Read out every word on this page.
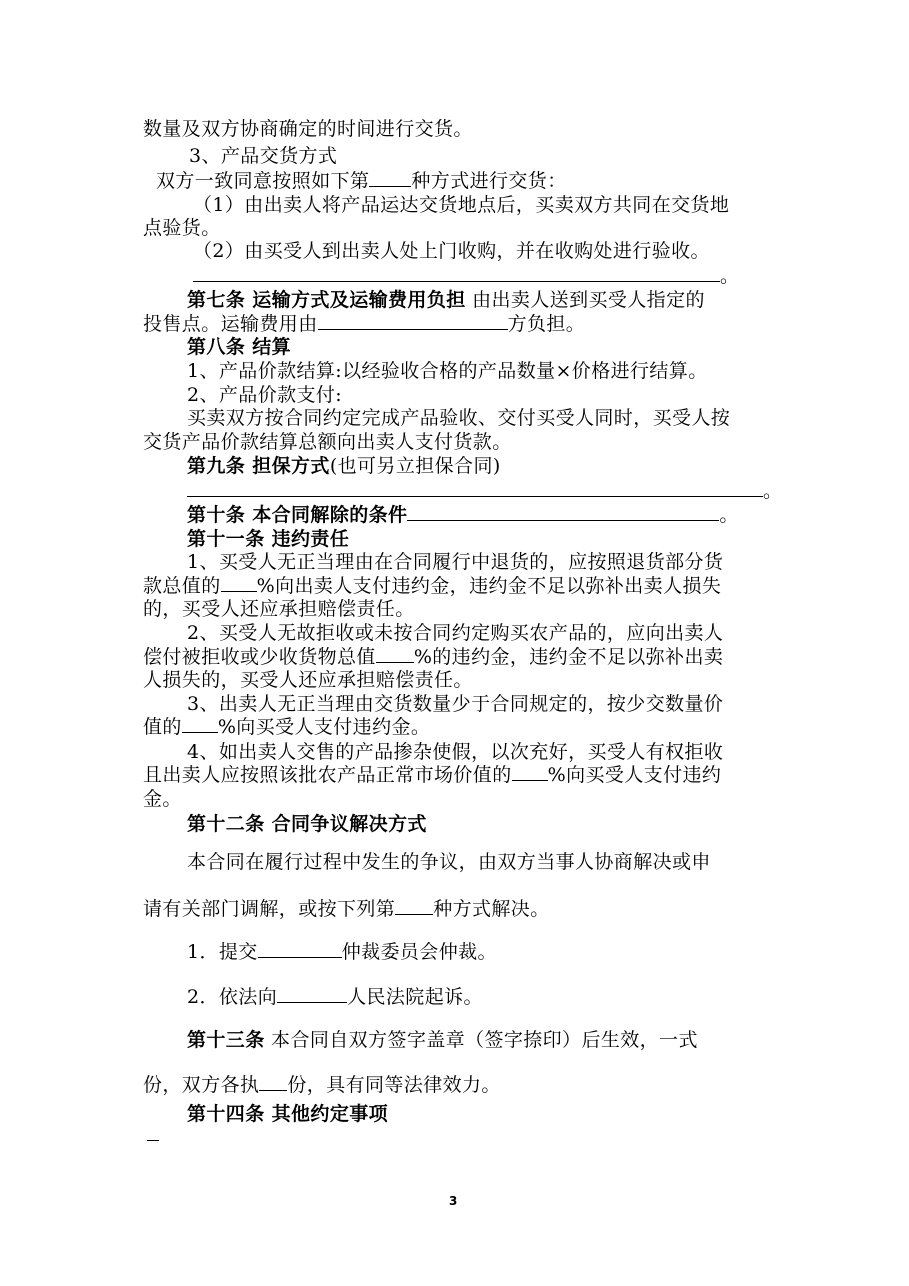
数量及双方协商确定的时间进行交货。
3、产品交货方式
双方一致同意按照如下第 种方式进行交货：
（1）由出卖人将产品运达交货地点后，买卖双方共同在交货地
点验货。
（2）由买受人到出卖人处上门收购，并在收购处进行验收。
。
第七条 运输方式及运输费用负担 由出卖人送到买受人指定的
投售点。运输费用由	方负担。
第八条 结算
1、产品价款结算:以经验收合格的产品数量×价格进行结算。
2、产品价款支付:
买卖双方按合同约定完成产品验收、交付买受人同时，买受人按
交货产品价款结算总额向出卖人支付货款。
第九条 担保方式(也可另立担保合同)
。
第十条 本合同解除的条件	。
第十一条 违约责任
1、买受人无正当理由在合同履行中退货的，应按照退货部分货
款总值的 %向出卖人支付违约金，违约金不足以弥补出卖人损失
的，买受人还应承担赔偿责任。
2、买受人无故拒收或未按合同约定购买农产品的，应向出卖人
偿付被拒收或少收货物总值 %的违约金，违约金不足以弥补出卖
人损失的，买受人还应承担赔偿责任。
3、出卖人无正当理由交货数量少于合同规定的，按少交数量价
值的 %向买受人支付违约金。
4、如出卖人交售的产品掺杂使假，以次充好，买受人有权拒收
且出卖人应按照该批农产品正常市场价值的 %向买受人支付违约
金。
第十二条 合同争议解决方式
本合同在履行过程中发生的争议，由双方当事人协商解决或申
请有关部门调解，或按下列第 种方式解决。
1．提交	仲裁委员会仲裁。
2．依法向	人民法院起诉。
第十三条 本合同自双方签字盖章（签字捺印）后生效，一式
份，双方各执 份，具有同等法律效力。
第十四条 其他约定事项
3
